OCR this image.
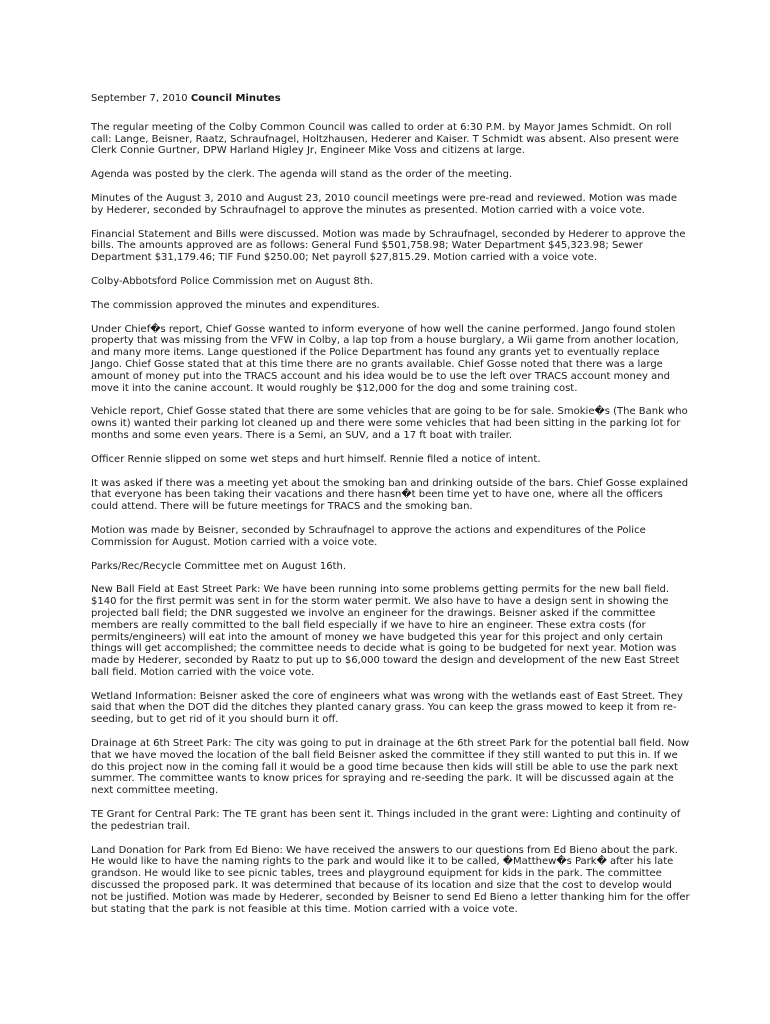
September 7, 2010 Council Minutes

The regular meeting of the Colby Common Council was called to order at 6:30 P.M. by Mayor James Schmidt. On roll call: Lange, Beisner, Raatz, Schraufnagel, Holtzhausen, Hederer and Kaiser. T Schmidt was absent. Also present were Clerk Connie Gurtner, DPW Harland Higley Jr, Engineer Mike Voss and citizens at large.

Agenda was posted by the clerk. The agenda will stand as the order of the meeting.

Minutes of the August 3, 2010 and August 23, 2010 council meetings were pre-read and reviewed. Motion was made by Hederer, seconded by Schraufnagel to approve the minutes as presented. Motion carried with a voice vote.

Financial Statement and Bills were discussed. Motion was made by Schraufnagel, seconded by Hederer to approve the bills. The amounts approved are as follows: General Fund $501,758.98; Water Department $45,323.98; Sewer Department $31,179.46; TIF Fund $250.00; Net payroll $27,815.29. Motion carried with a voice vote.

Colby-Abbotsford Police Commission met on August 8th.

The commission approved the minutes and expenditures.

Under Chief�s report, Chief Gosse wanted to inform everyone of how well the canine performed. Jango found stolen property that was missing from the VFW in Colby, a lap top from a house burglary, a Wii game from another location, and many more items. Lange questioned if the Police Department has found any grants yet to eventually replace Jango. Chief Gosse stated that at this time there are no grants available. Chief Gosse noted that there was a large amount of money put into the TRACS account and his idea would be to use the left over TRACS account money and move it into the canine account. It would roughly be $12,000 for the dog and some training cost.

Vehicle report, Chief Gosse stated that there are some vehicles that are going to be for sale. Smokie�s (The Bank who owns it) wanted their parking lot cleaned up and there were some vehicles that had been sitting in the parking lot for months and some even years. There is a Semi, an SUV, and a 17 ft boat with trailer.

Officer Rennie slipped on some wet steps and hurt himself. Rennie filed a notice of intent.

It was asked if there was a meeting yet about the smoking ban and drinking outside of the bars. Chief Gosse explained that everyone has been taking their vacations and there hasn�t been time yet to have one, where all the officers could attend. There will be future meetings for TRACS and the smoking ban.

Motion was made by Beisner, seconded by Schraufnagel to approve the actions and expenditures of the Police Commission for August. Motion carried with a voice vote.

Parks/Rec/Recycle Committee met on August 16th.

New Ball Field at East Street Park: We have been running into some problems getting permits for the new ball field. $140 for the first permit was sent in for the storm water permit. We also have to have a design sent in showing the projected ball field; the DNR suggested we involve an engineer for the drawings. Beisner asked if the committee members are really committed to the ball field especially if we have to hire an engineer. These extra costs (for permits/engineers) will eat into the amount of money we have budgeted this year for this project and only certain things will get accomplished; the committee needs to decide what is going to be budgeted for next year. Motion was made by Hederer, seconded by Raatz to put up to $6,000 toward the design and development of the new East Street ball field. Motion carried with the voice vote.

Wetland Information: Beisner asked the core of engineers what was wrong with the wetlands east of East Street. They said that when the DOT did the ditches they planted canary grass. You can keep the grass mowed to keep it from re-seeding, but to get rid of it you should burn it off.

Drainage at 6th Street Park: The city was going to put in drainage at the 6th street Park for the potential ball field. Now that we have moved the location of the ball field Beisner asked the committee if they still wanted to put this in. If we do this project now in the coming fall it would be a good time because then kids will still be able to use the park next summer. The committee wants to know prices for spraying and re-seeding the park. It will be discussed again at the next committee meeting.

TE Grant for Central Park: The TE grant has been sent it. Things included in the grant were: Lighting and continuity of the pedestrian trail.

Land Donation for Park from Ed Bieno: We have received the answers to our questions from Ed Bieno about the park. He would like to have the naming rights to the park and would like it to be called, �Matthew�s Park� after his late grandson. He would like to see picnic tables, trees and playground equipment for kids in the park. The committee discussed the proposed park. It was determined that because of its location and size that the cost to develop would not be justified. Motion was made by Hederer, seconded by Beisner to send Ed Bieno a letter thanking him for the offer but stating that the park is not feasible at this time. Motion carried with a voice vote.
